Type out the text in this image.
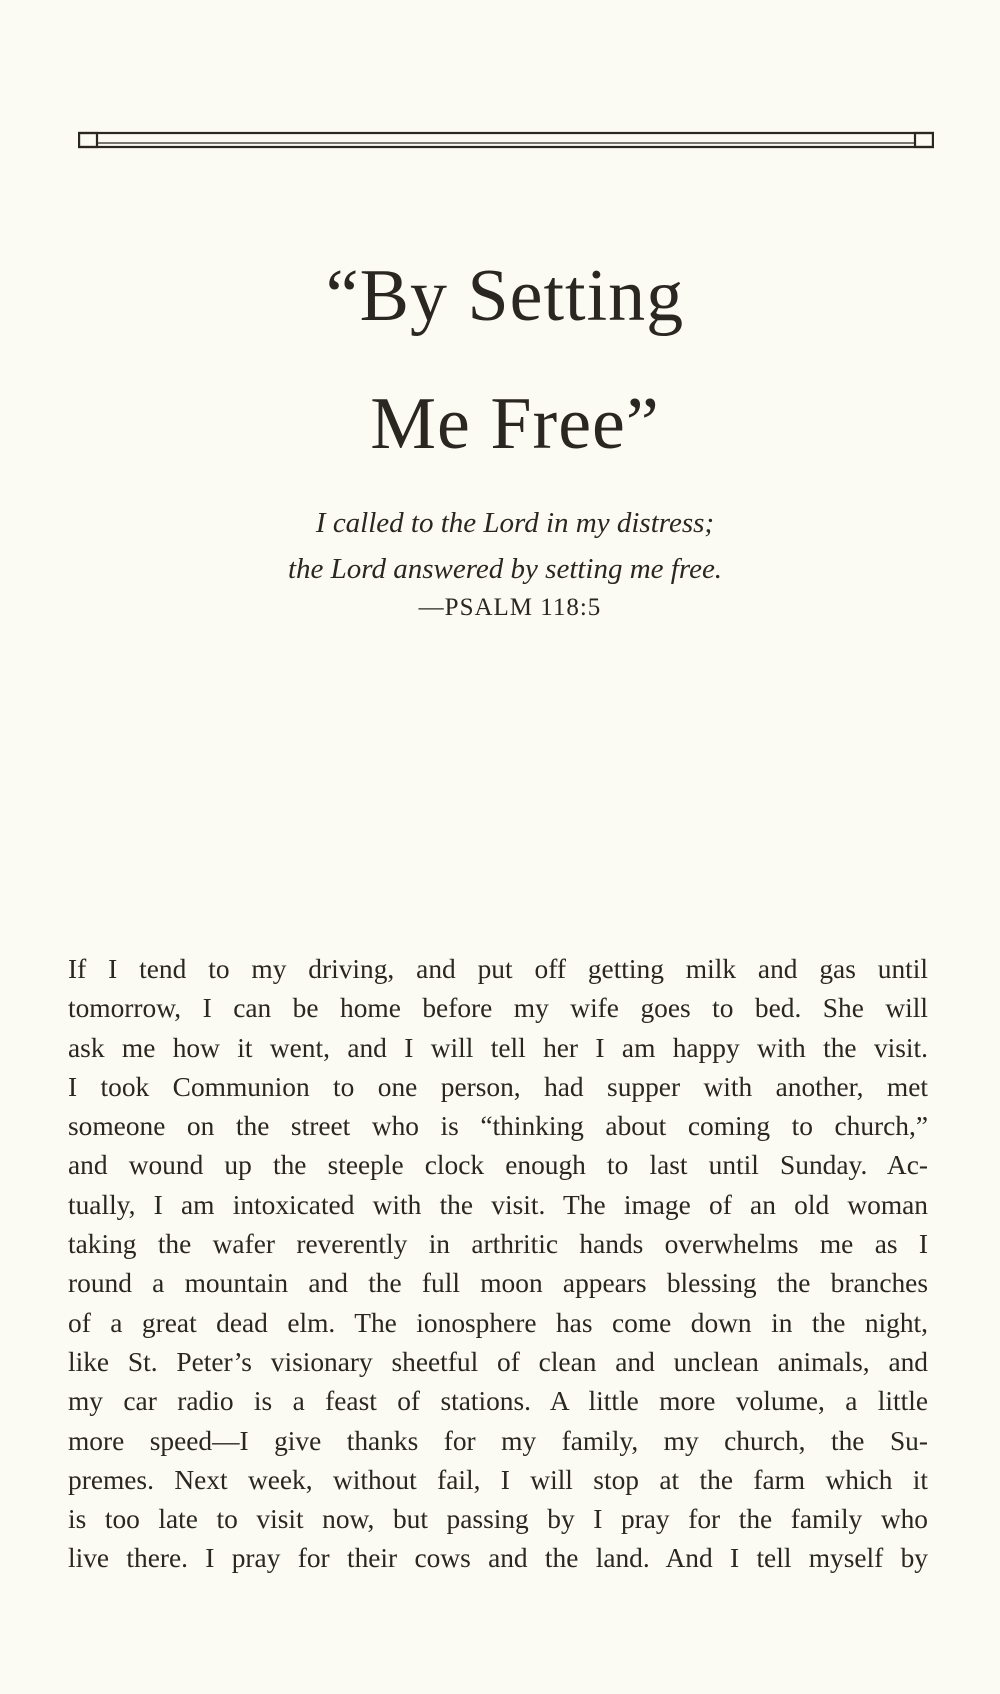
“By Setting
Me Free”
I called to the Lord in my distress;
the Lord answered by setting me free.
—PSALM 118:5
If I tend to my driving, and put off getting milk and gas until
tomorrow, I can be home before my wife goes to bed. She will
ask me how it went, and I will tell her I am happy with the visit.
I took Communion to one person, had supper with another, met
someone on the street who is “thinking about coming to church,”
and wound up the steeple clock enough to last until Sunday. Ac-
tually, I am intoxicated with the visit. The image of an old woman
taking the wafer reverently in arthritic hands overwhelms me as I
round a mountain and the full moon appears blessing the branches
of a great dead elm. The ionosphere has come down in the night,
like St. Peter’s visionary sheetful of clean and unclean animals, and
my car radio is a feast of stations. A little more volume, a little
more speed—I give thanks for my family, my church, the Su-
premes. Next week, without fail, I will stop at the farm which it
is too late to visit now, but passing by I pray for the family who
live there. I pray for their cows and the land. And I tell myself by
